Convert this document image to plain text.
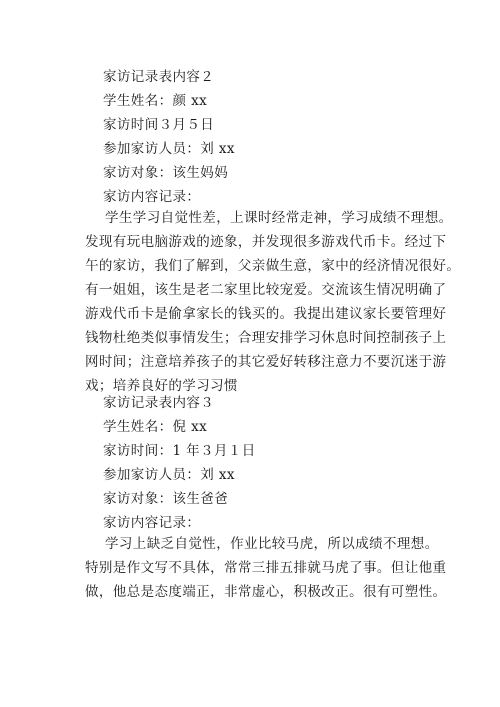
家访记录表内容２
学生姓名：颜 xx
家访时间３月５日
参加家访人员：刘 xx
家访对象：该生妈妈
家访内容记录：
学生学习自觉性差，上课时经常走神，学习成绩不理想。
发现有玩电脑游戏的迹象，并发现很多游戏代币卡。经过下
午的家访，我们了解到，父亲做生意，家中的经济情况很好。
有一姐姐，该生是老二家里比较宠爱。交流该生情况明确了
游戏代币卡是偷拿家长的钱买的。我提出建议家长要管理好
钱物杜绝类似事情发生；合理安排学习休息时间控制孩子上
网时间；注意培养孩子的其它爱好转移注意力不要沉迷于游
戏；培养良好的学习习惯
家访记录表内容３
学生姓名：倪 xx
家访时间：1 年３月１日
参加家访人员：刘 xx
家访对象：该生爸爸
家访内容记录：
学习上缺乏自觉性，作业比较马虎，所以成绩不理想。
特别是作文写不具体，常常三排五排就马虎了事。但让他重
做，他总是态度端正，非常虚心，积极改正。很有可塑性。
